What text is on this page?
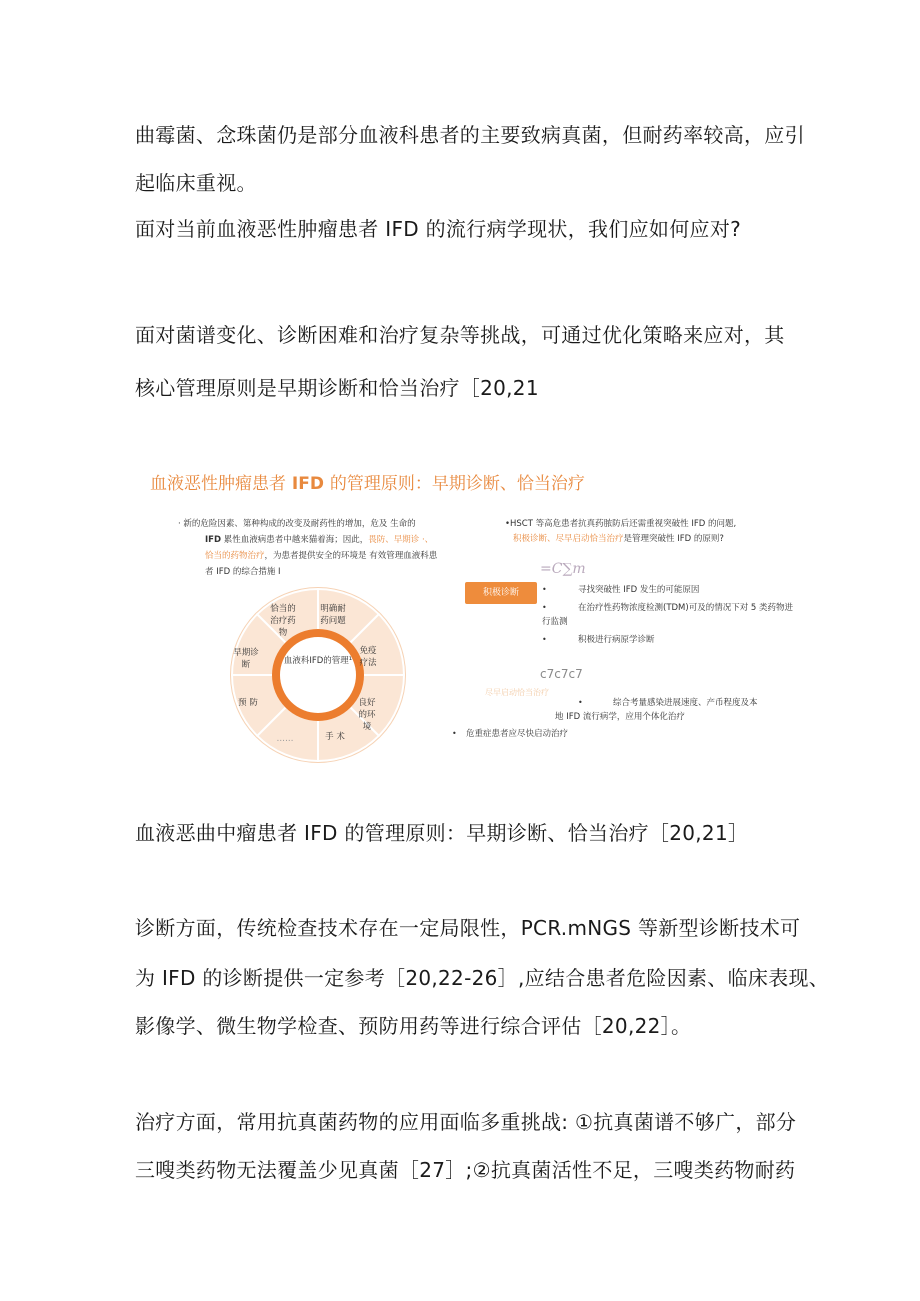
曲霉菌、念珠菌仍是部分血液科患者的主要致病真菌，但耐药率较高，应引
起临床重视。
面对当前血液恶性肿瘤患者 IFD 的流行病学现状，我们应如何应对?
面对菌谱变化、诊断困难和治疗复杂等挑战，可通过优化策略来应对，其
核心管理原则是早期诊断和恰当治疗［20,21
血液恶性肿瘤患者 IFD 的管理原则：早期诊断、恰当治疗
· 新的危险因素、第种构成的改变及耐药性的增加，危及 生命的
IFD 累性血液病患者中越来猫着海；因此，畏防、早期诊 ·、
恰当的药物治疗，为患者提供安全的环境是 有效管理血液科患
者 IFD 的综合措施 I
血液科IFD的管理¹
明确耐药问题
免疫疗法
良好的环境
手 术
……
预 防
早期诊断
恰当的治疗药物
•HSCT 等高危患者抗真药脓防后还需重视突破性 IFD 的问题,
积极诊断、尽早启动恰当治疗是管理突破性 IFD 的原则?
积极诊断
=C∑m
•	寻找突破性 IFD 发生的可能原因
•	在治疗性药物浓度检测(TDM)可及的情况下对 5 类药物进
行监测
•	积极进行病原学诊断
c7c7c7
尽早启动恰当治疗
•	综合考量感染进展速度、产币程度及本
地 IFD 流行病学，应用个体化治疗
• 危重症患者应尽快启动治疗
血液恶曲中瘤患者 IFD 的管理原则：早期诊断、恰当治疗［20,21］
诊断方面，传统检查技术存在一定局限性，PCR.mNGS 等新型诊断技术可
为 IFD 的诊断提供一定参考［20,22-26］,应结合患者危险因素、临床表现、
影像学、微生物学检查、预防用药等进行综合评估［20,22］。
治疗方面，常用抗真菌药物的应用面临多重挑战: ①抗真菌谱不够广，部分
三嗖类药物无法覆盖少见真菌［27］;②抗真菌活性不足，三嗖类药物耐药
